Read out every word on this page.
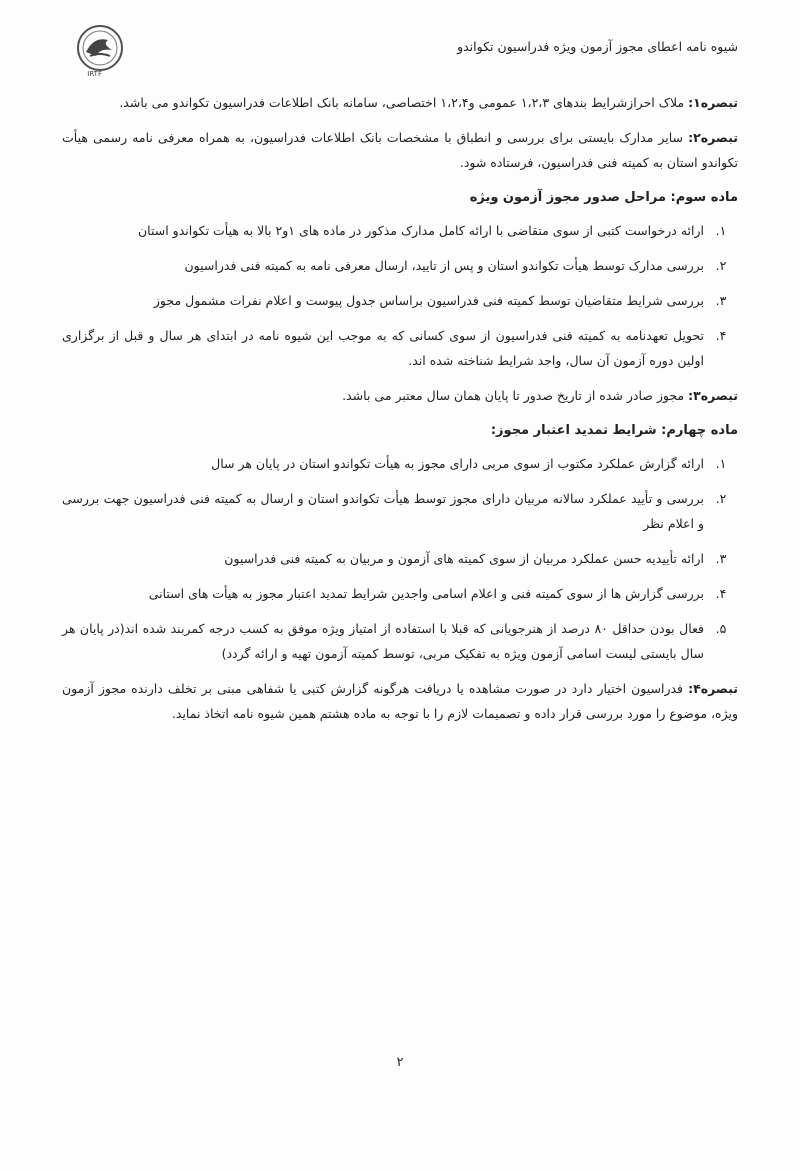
IRTF
شیوه نامه اعطای مجوز آزمون ویژه فدراسیون تکواندو

تبصره۱: ملاک احرازشرایط بندهای ۱،۲،۳ عمومی و۱،۲،۴ اختصاصی، سامانه بانک اطلاعات فدراسیون تکواندو می باشد.

تبصره۲: سایر مدارک بایستی برای بررسی و انطباق با مشخصات بانک اطلاعات فدراسیون، به همراه معرفی نامه رسمی هیأت تکواندو استان به کمیته فنی فدراسیون، فرستاده شود.

ماده سوم: مراحل صدور مجوز آزمون ویژه
۱.
ارائه درخواست کتبی از سوی متقاضی با ارائه کامل مدارک مذکور در ماده های ۱و۲ بالا به هیأت تکواندو استان
۲.
بررسی مدارک توسط هیأت تکواندو استان و پس از تایید، ارسال معرفی نامه به کمیته فنی فدراسیون
۳.
بررسی شرایط متقاضیان توسط کمیته فنی فدراسیون براساس جدول پیوست و اعلام نفرات مشمول مجوز
۴.
تحویل تعهدنامه به کمیته فنی فدراسیون از سوی کسانی که به موجب این شیوه نامه در ابتدای هر سال و قبل از برگزاری اولین دوره آزمون آن سال، واجد شرایط شناخته شده اند.

تبصره۳: مجوز صادر شده از تاریخ صدور تا پایان همان سال معتبر می باشد.

ماده چهارم: شرایط تمدید اعتبار مجوز:
۱.
ارائه گزارش عملکرد مکتوب از سوی مربی دارای مجوز به هیأت تکواندو استان در پایان هر سال
۲.
بررسی و تأیید عملکرد سالانه مربیان دارای مجوز توسط هیأت تکواندو استان و ارسال به کمیته فنی فدراسیون جهت بررسی و اعلام نظر
۳.
ارائه تأییدیه حسن عملکرد مربیان از سوی کمیته های آزمون و مربیان به کمیته فنی فدراسیون
۴.
بررسی گزارش ها از سوی کمیته فنی و اعلام اسامی واجدین شرایط تمدید اعتبار مجوز به هیأت های استانی
۵.
فعال بودن حداقل ۸۰ درصد از هنرجویانی که قبلا با استفاده از امتیاز ویژه موفق به کسب درجه کمربند شده اند(در پایان هر سال بایستی لیست اسامی آزمون ویژه به تفکیک مربی، توسط کمیته آزمون تهیه و ارائه گردد)

تبصره۴: فدراسیون اختیار دارد در صورت مشاهده یا دریافت هرگونه گزارش کتبی یا شفاهی مبنی بر تخلف دارنده مجوز آزمون ویژه، موضوع را مورد بررسی قرار داده و تصمیمات لازم را با توجه به ماده هشتم همین شیوه نامه اتخاذ نماید.

۲
